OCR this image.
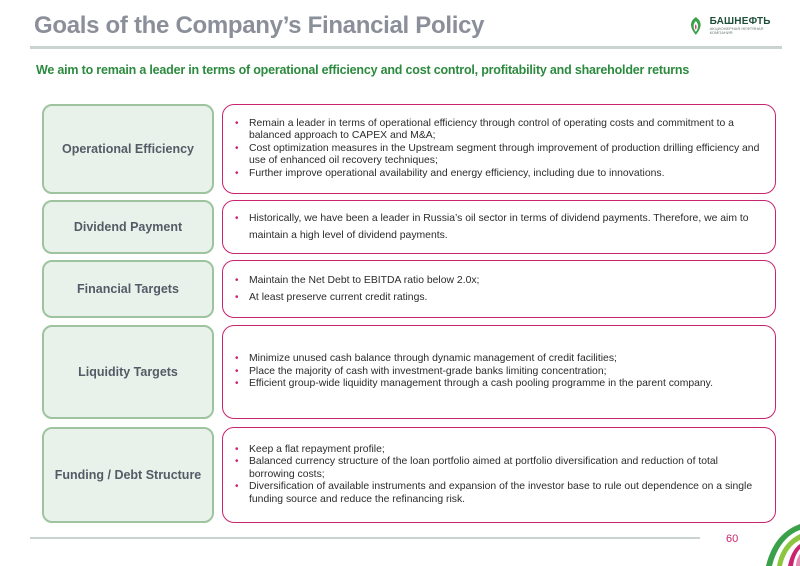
Goals of the Company’s Financial Policy	БАШНЕФТЬ
АКЦИОНЕРНАЯ НЕФТЯНАЯ КОМПАНИЯ
We aim to remain a leader in terms of operational efficiency and cost control, profitability and shareholder returns
Operational Efficiency
• Remain a leader in terms of operational efficiency through control of operating costs and commitment to a balanced approach to CAPEX and M&A;
• Cost optimization measures in the Upstream segment through improvement of production drilling efficiency and use of enhanced oil recovery techniques;
• Further improve operational availability and energy efficiency, including due to innovations.
Dividend Payment
• Historically, we have been a leader in Russia’s oil sector in terms of dividend payments. Therefore, we aim to maintain a high level of dividend payments.
Financial Targets
• Maintain the Net Debt to EBITDA ratio below 2.0x;
• At least preserve current credit ratings.
Liquidity Targets
• Minimize unused cash balance through dynamic management of credit facilities;
• Place the majority of cash with investment-grade banks limiting concentration;
• Efficient group-wide liquidity management through a cash pooling programme in the parent company.
Funding / Debt Structure
• Keep a flat repayment profile;
• Balanced currency structure of the loan portfolio aimed at portfolio diversification and reduction of total borrowing costs;
• Diversification of available instruments and expansion of the investor base to rule out dependence on a single funding source and reduce the refinancing risk.
60
